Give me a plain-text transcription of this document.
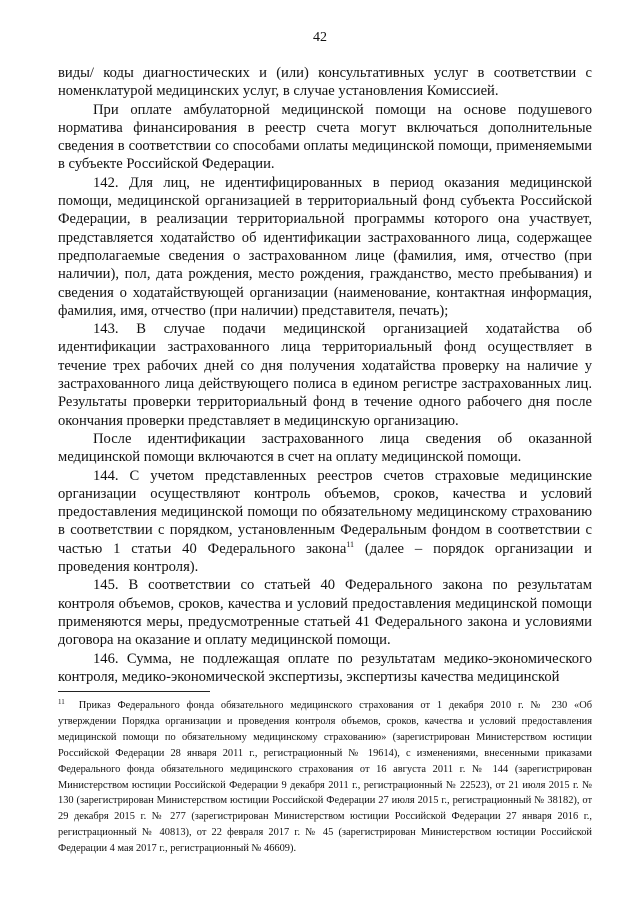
42

виды/ коды диагностических и (или) консультативных услуг в соответствии с номенклатурой медицинских услуг, в случае установления Комиссией.

При оплате амбулаторной медицинской помощи на основе подушевого норматива финансирования в реестр счета могут включаться дополнительные сведения в соответствии со способами оплаты медицинской помощи, применяемыми в субъекте Российской Федерации.

142. Для лиц, не идентифицированных в период оказания медицинской помощи, медицинской организацией в территориальный фонд субъекта Российской Федерации, в реализации территориальной программы которого она участвует, представляется ходатайство об идентификации застрахованного лица, содержащее предполагаемые сведения о застрахованном лице (фамилия, имя, отчество (при наличии), пол, дата рождения, место рождения, гражданство, место пребывания) и сведения о ходатайствующей организации (наименование, контактная информация, фамилия, имя, отчество (при наличии) представителя, печать);

143. В случае подачи медицинской организацией ходатайства об идентификации застрахованного лица территориальный фонд осуществляет в течение трех рабочих дней со дня получения ходатайства проверку на наличие у застрахованного лица действующего полиса в едином регистре застрахованных лиц. Результаты проверки территориальный фонд в течение одного рабочего дня после окончания проверки представляет в медицинскую организацию.

После идентификации застрахованного лица сведения об оказанной медицинской помощи включаются в счет на оплату медицинской помощи.

144. С учетом представленных реестров счетов страховые медицинские организации осуществляют контроль объемов, сроков, качества и условий предоставления медицинской помощи по обязательному медицинскому страхованию в соответствии с порядком, установленным Федеральным фондом в соответствии с частью 1 статьи 40 Федерального закона$^{11}$ (далее – порядок организации и проведения контроля).

145. В соответствии со статьей 40 Федерального закона по результатам контроля объемов, сроков, качества и условий предоставления медицинской помощи применяются меры, предусмотренные статьей 41 Федерального закона и условиями договора на оказание и оплату медицинской помощи.

146. Сумма, не подлежащая оплате по результатам медико-экономического контроля, медико-экономической экспертизы, экспертизы качества медицинской

$^{11}$ Приказ Федерального фонда обязательного медицинского страхования от 1 декабря 2010 г. № 230 «Об утверждении Порядка организации и проведения контроля объемов, сроков, качества и условий предоставления медицинской помощи по обязательному медицинскому страхованию» (зарегистрирован Министерством юстиции Российской Федерации 28 января 2011 г., регистрационный № 19614), с изменениями, внесенными приказами Федерального фонда обязательного медицинского страхования от 16 августа 2011 г. № 144 (зарегистрирован Министерством юстиции Российской Федерации 9 декабря 2011 г., регистрационный № 22523), от 21 июля 2015 г. № 130 (зарегистрирован Министерством юстиции Российской Федерации 27 июля 2015 г., регистрационный № 38182), от 29 декабря 2015 г. № 277 (зарегистрирован Министерством юстиции Российской Федерации 27 января 2016 г., регистрационный № 40813), от 22 февраля 2017 г. № 45 (зарегистрирован Министерством юстиции Российской Федерации 4 мая 2017 г., регистрационный № 46609).
